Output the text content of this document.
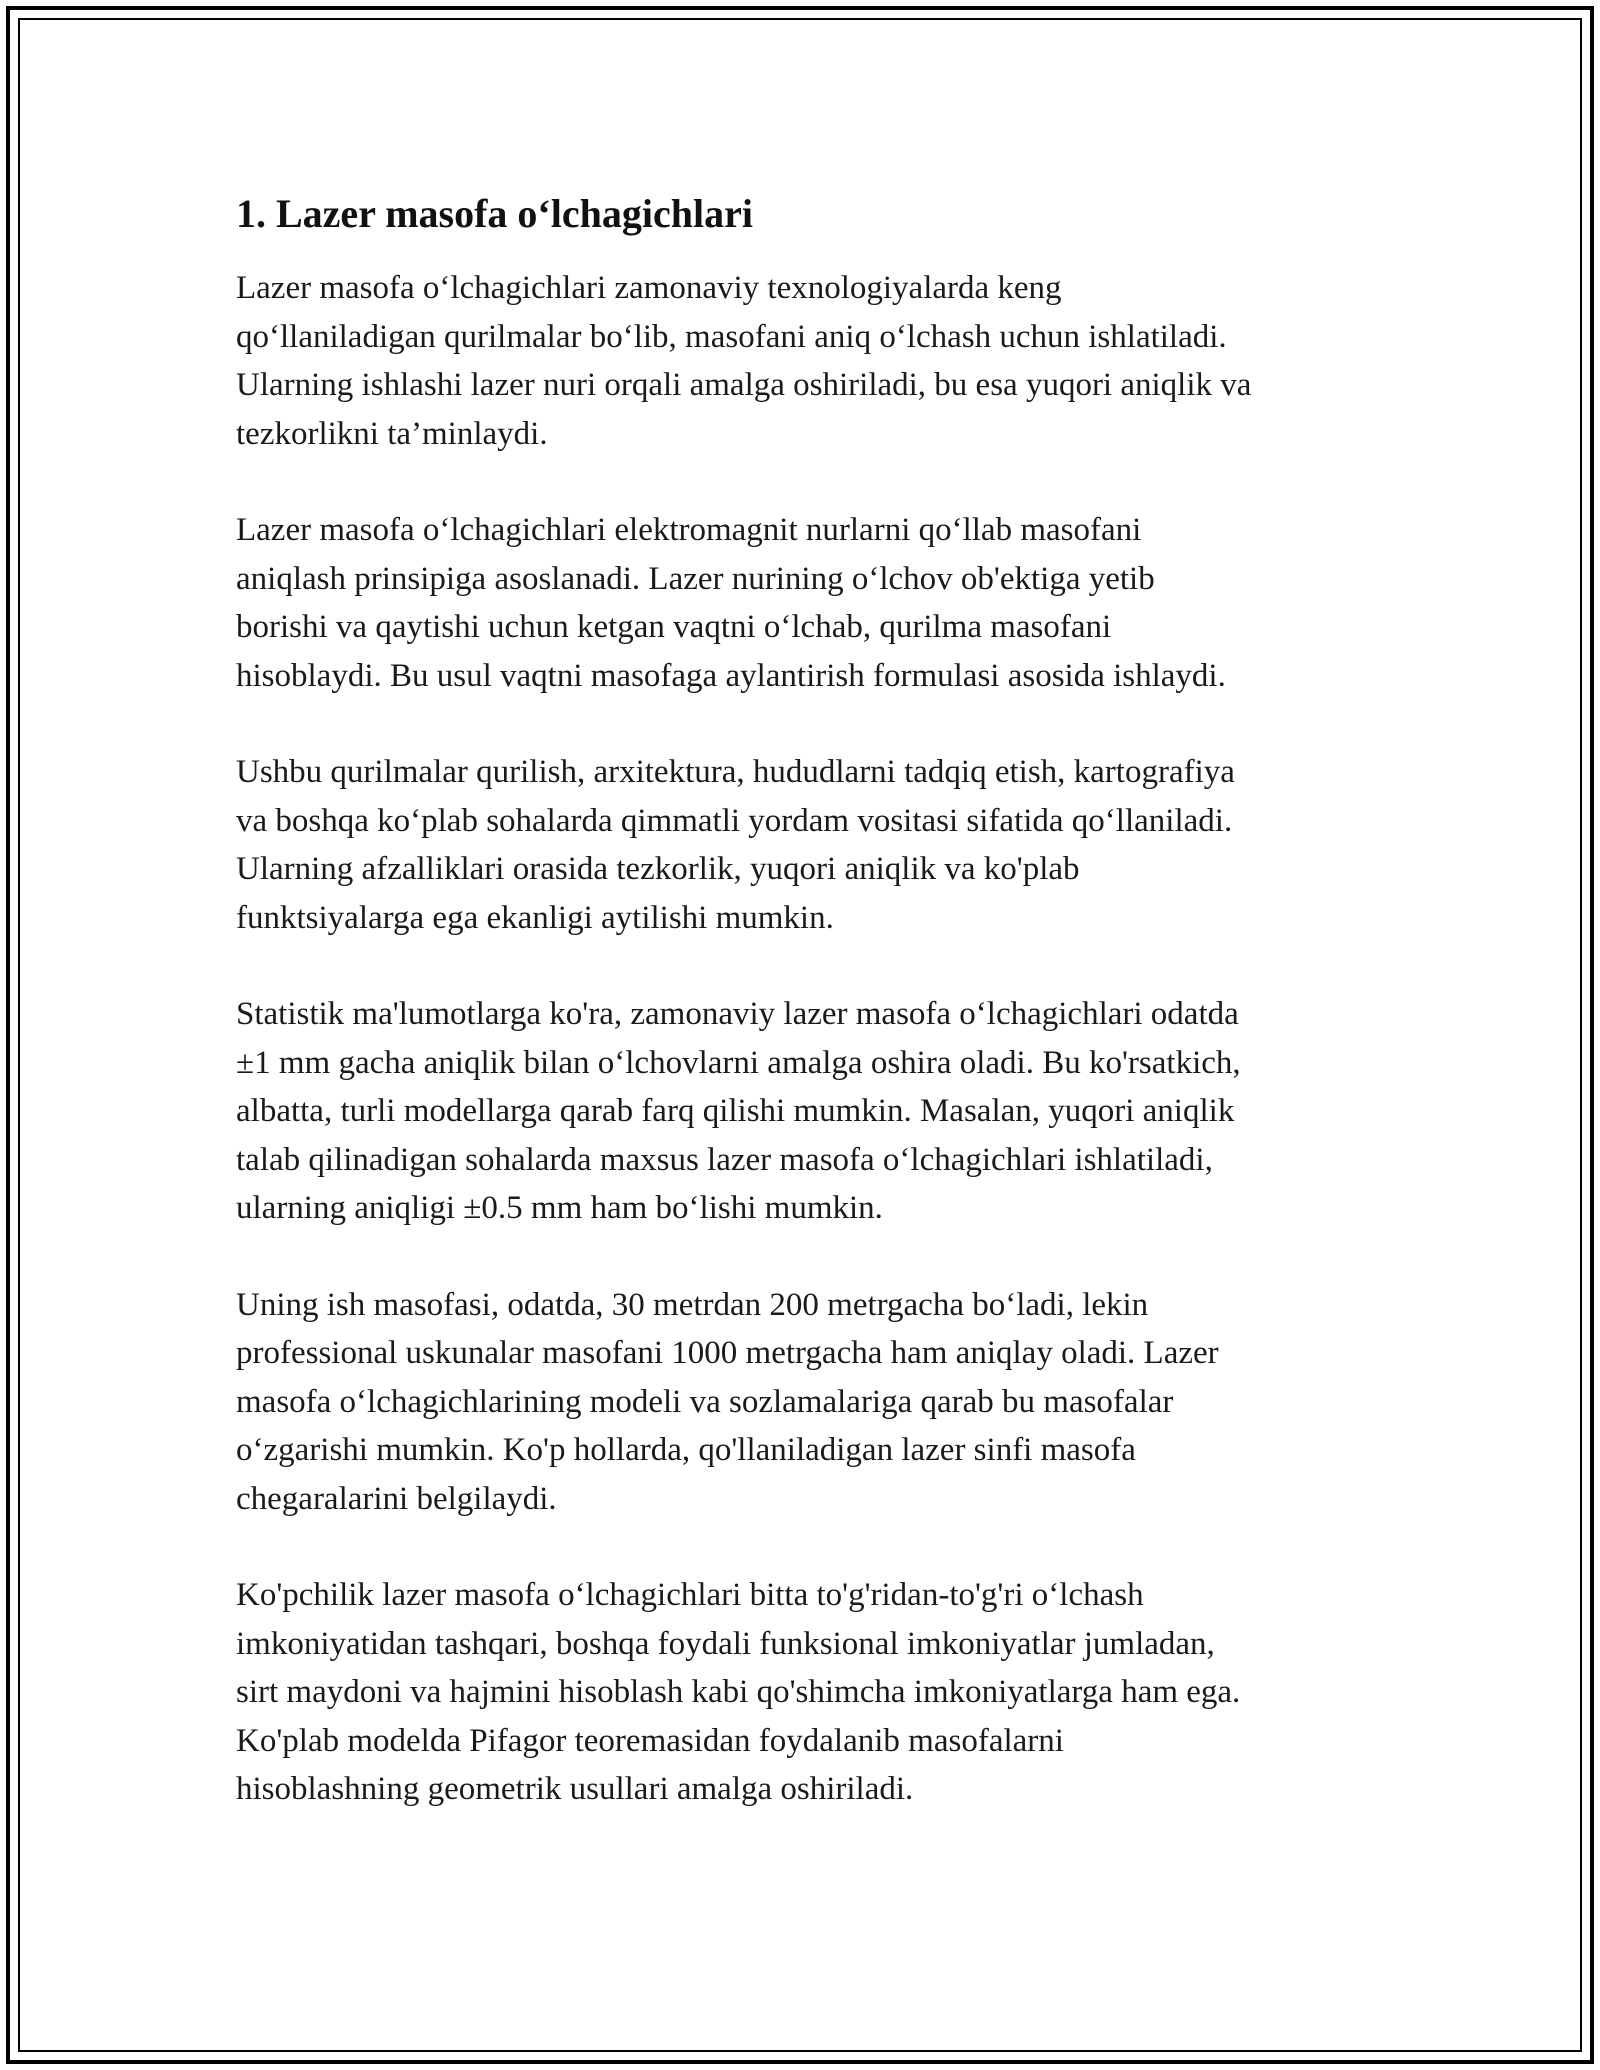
1. Lazer masofa o‘lchagichlari

Lazer masofa o‘lchagichlari zamonaviy texnologiyalarda keng
qo‘llaniladigan qurilmalar bo‘lib, masofani aniq o‘lchash uchun ishlatiladi.
Ularning ishlashi lazer nuri orqali amalga oshiriladi, bu esa yuqori aniqlik va
tezkorlikni ta’minlaydi.

Lazer masofa o‘lchagichlari elektromagnit nurlarni qo‘llab masofani
aniqlash prinsipiga asoslanadi. Lazer nurining o‘lchov ob'ektiga yetib
borishi va qaytishi uchun ketgan vaqtni o‘lchab, qurilma masofani
hisoblaydi. Bu usul vaqtni masofaga aylantirish formulasi asosida ishlaydi.

Ushbu qurilmalar qurilish, arxitektura, hududlarni tadqiq etish, kartografiya
va boshqa ko‘plab sohalarda qimmatli yordam vositasi sifatida qo‘llaniladi.
Ularning afzalliklari orasida tezkorlik, yuqori aniqlik va ko'plab
funktsiyalarga ega ekanligi aytilishi mumkin.

Statistik ma'lumotlarga ko'ra, zamonaviy lazer masofa o‘lchagichlari odatda
±1 mm gacha aniqlik bilan o‘lchovlarni amalga oshira oladi. Bu ko'rsatkich,
albatta, turli modellarga qarab farq qilishi mumkin. Masalan, yuqori aniqlik
talab qilinadigan sohalarda maxsus lazer masofa o‘lchagichlari ishlatiladi,
ularning aniqligi ±0.5 mm ham bo‘lishi mumkin.

Uning ish masofasi, odatda, 30 metrdan 200 metrgacha bo‘ladi, lekin
professional uskunalar masofani 1000 metrgacha ham aniqlay oladi. Lazer
masofa o‘lchagichlarining modeli va sozlamalariga qarab bu masofalar
o‘zgarishi mumkin. Ko'p hollarda, qo'llaniladigan lazer sinfi masofa
chegaralarini belgilaydi.

Ko'pchilik lazer masofa o‘lchagichlari bitta to'g'ridan-to'g'ri o‘lchash
imkoniyatidan tashqari, boshqa foydali funksional imkoniyatlar jumladan,
sirt maydoni va hajmini hisoblash kabi qo'shimcha imkoniyatlarga ham ega.
Ko'plab modelda Pifagor teoremasidan foydalanib masofalarni
hisoblashning geometrik usullari amalga oshiriladi.
